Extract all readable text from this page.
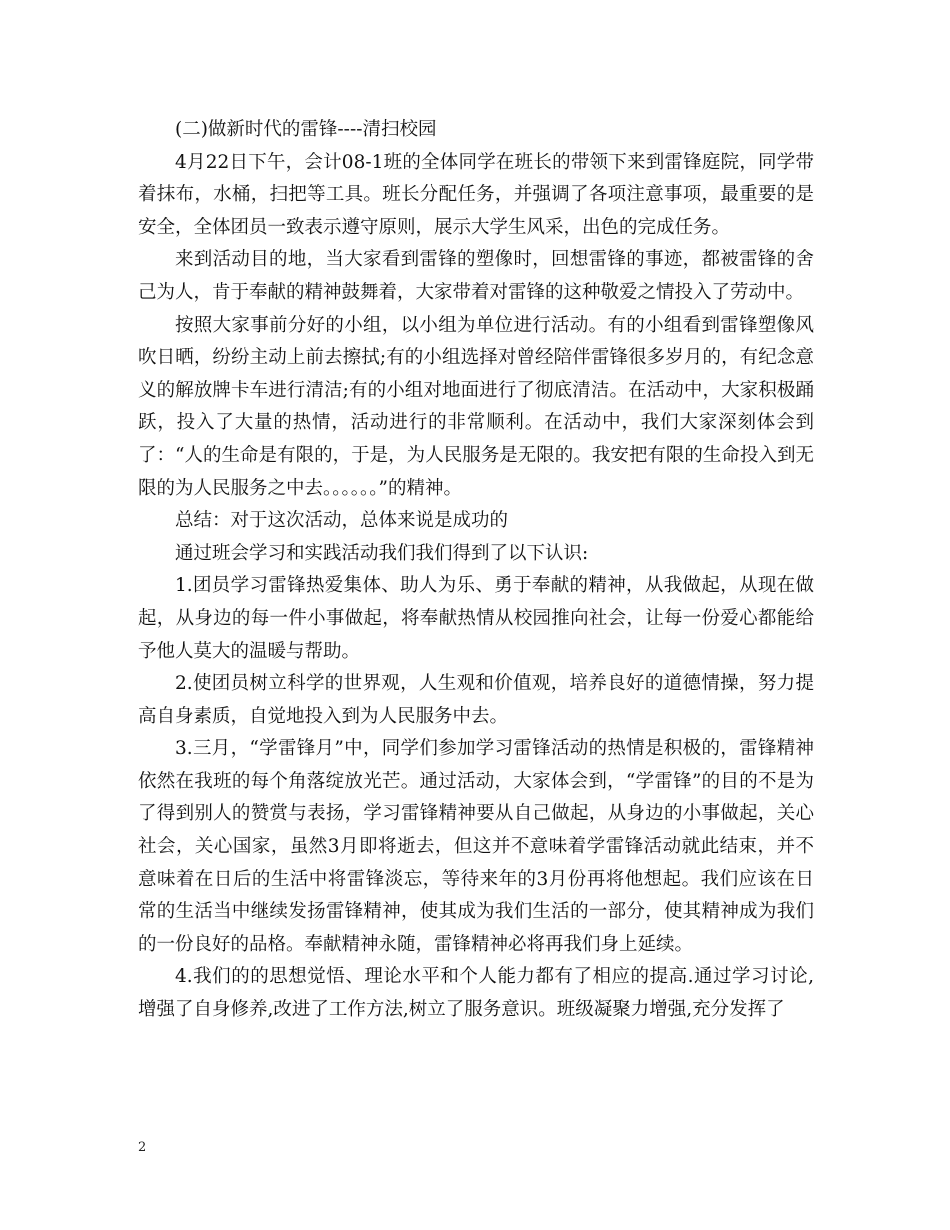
(二)做新时代的雷锋----清扫校园

4月22日下午，会计08-1班的全体同学在班长的带领下来到雷锋庭院，同学带着抹布，水桶，扫把等工具。班长分配任务，并强调了各项注意事项，最重要的是安全，全体团员一致表示遵守原则，展示大学生风采，出色的完成任务。

来到活动目的地，当大家看到雷锋的塑像时，回想雷锋的事迹，都被雷锋的舍己为人，肯于奉献的精神鼓舞着，大家带着对雷锋的这种敬爱之情投入了劳动中。

按照大家事前分好的小组，以小组为单位进行活动。有的小组看到雷锋塑像风吹日晒，纷纷主动上前去擦拭;有的小组选择对曾经陪伴雷锋很多岁月的，有纪念意义的解放牌卡车进行清洁;有的小组对地面进行了彻底清洁。在活动中，大家积极踊跃，投入了大量的热情，活动进行的非常顺利。在活动中，我们大家深刻体会到了：“人的生命是有限的，于是，为人民服务是无限的。我安把有限的生命投入到无限的为人民服务之中去。。。。。。”的精神。

总结：对于这次活动，总体来说是成功的

通过班会学习和实践活动我们我们得到了以下认识:

1.团员学习雷锋热爱集体、助人为乐、勇于奉献的精神，从我做起，从现在做起，从身边的每一件小事做起，将奉献热情从校园推向社会，让每一份爱心都能给予他人莫大的温暖与帮助。

2.使团员树立科学的世界观，人生观和价值观，培养良好的道德情操，努力提高自身素质，自觉地投入到为人民服务中去。

3.三月，“学雷锋月”中，同学们参加学习雷锋活动的热情是积极的，雷锋精神依然在我班的每个角落绽放光芒。通过活动，大家体会到，“学雷锋”的目的不是为了得到别人的赞赏与表扬，学习雷锋精神要从自己做起，从身边的小事做起，关心社会，关心国家，虽然3月即将逝去，但这并不意味着学雷锋活动就此结束，并不意味着在日后的生活中将雷锋淡忘，等待来年的3月份再将他想起。我们应该在日常的生活当中继续发扬雷锋精神，使其成为我们生活的一部分，使其精神成为我们的一份良好的品格。奉献精神永随，雷锋精神必将再我们身上延续。

4.我们的的思想觉悟、理论水平和个人能力都有了相应的提高.通过学习讨论,增强了自身修养,改进了工作方法,树立了服务意识。班级凝聚力增强,充分发挥了

2
